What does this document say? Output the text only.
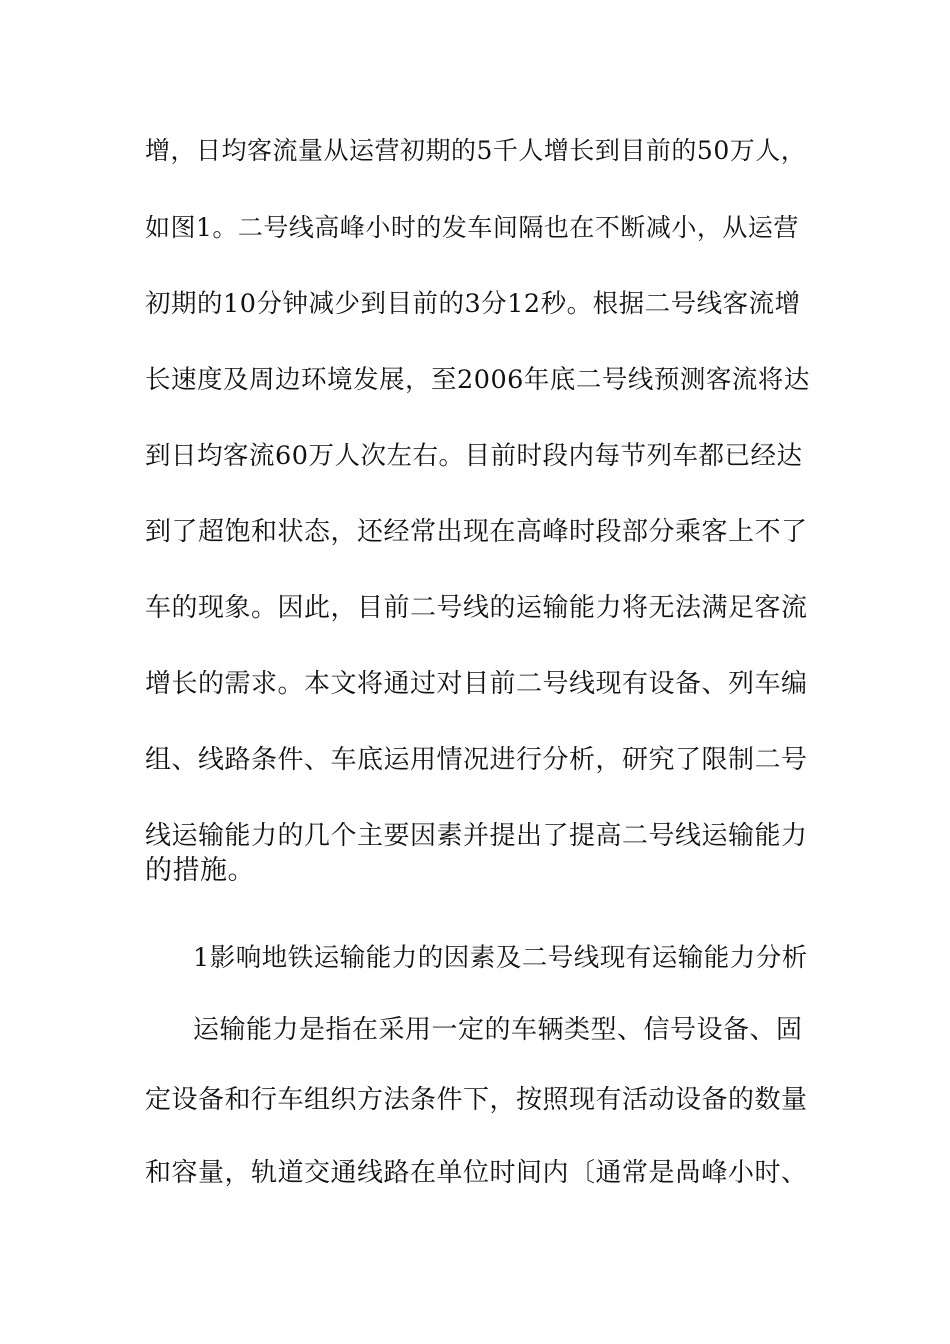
增，日均客流量从运营初期的5千人增长到目前的50万人，
如图1。二号线高峰小时的发车间隔也在不断减小，从运营
初期的10分钟减少到目前的3分12秒。根据二号线客流增
长速度及周边环境发展，至2006年底二号线预测客流将达
到日均客流60万人次左右。目前时段内每节列车都已经达
到了超饱和状态，还经常出现在高峰时段部分乘客上不了
车的现象。因此，目前二号线的运输能力将无法满足客流
增长的需求。本文将通过对目前二号线现有设备、列车编
组、线路条件、车底运用情况进行分析，研究了限制二号
线运输能力的几个主要因素并提出了提高二号线运输能力
的措施。
1影响地铁运输能力的因素及二号线现有运输能力分析
运输能力是指在采用一定的车辆类型、信号设备、固
定设备和行车组织方法条件下，按照现有活动设备的数量
和容量，轨道交通线路在单位时间内〔通常是咼峰小时、
